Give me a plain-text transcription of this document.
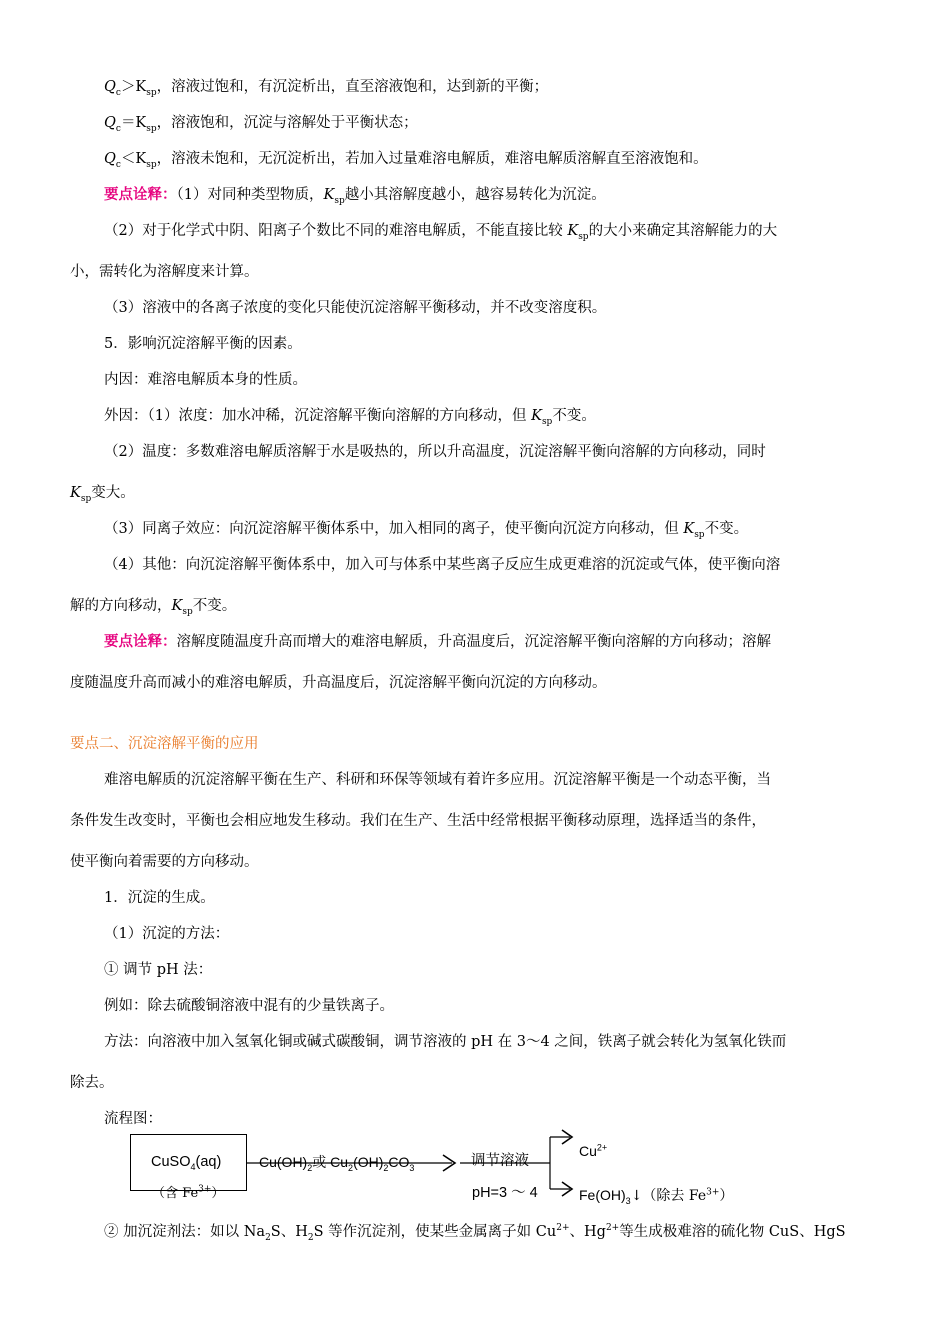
$Q_c>K_{sp}$，溶液过饱和，有沉淀析出，直至溶液饱和，达到新的平衡；
$Q_c=K_{sp}$，溶液饱和，沉淀与溶解处于平衡状态；
$Q_c<K_{sp}$，溶液未饱和，无沉淀析出，若加入过量难溶电解质，难溶电解质溶解直至溶液饱和。
要点诠释：（1）对同种类型物质，$K_{sp}$越小其溶解度越小，越容易转化为沉淀。
（2）对于化学式中阴、阳离子个数比不同的难溶电解质，不能直接比较 $K_{sp}$的大小来确定其溶解能力的大
小，需转化为溶解度来计算。
（3）溶液中的各离子浓度的变化只能使沉淀溶解平衡移动，并不改变溶度积。
5．影响沉淀溶解平衡的因素。
内因：难溶电解质本身的性质。
外因：（1）浓度：加水冲稀，沉淀溶解平衡向溶解的方向移动，但 $K_{sp}$不变。
（2）温度：多数难溶电解质溶解于水是吸热的，所以升高温度，沉淀溶解平衡向溶解的方向移动，同时
$K_{sp}$变大。
（3）同离子效应：向沉淀溶解平衡体系中，加入相同的离子，使平衡向沉淀方向移动，但 $K_{sp}$不变。
（4）其他：向沉淀溶解平衡体系中，加入可与体系中某些离子反应生成更难溶的沉淀或气体，使平衡向溶
解的方向移动，$K_{sp}$不变。
要点诠释：溶解度随温度升高而增大的难溶电解质，升高温度后，沉淀溶解平衡向溶解的方向移动；溶解
度随温度升高而减小的难溶电解质，升高温度后，沉淀溶解平衡向沉淀的方向移动。
要点二、沉淀溶解平衡的应用
难溶电解质的沉淀溶解平衡在生产、科研和环保等领域有着许多应用。沉淀溶解平衡是一个动态平衡，当
条件发生改变时，平衡也会相应地发生移动。我们在生产、生活中经常根据平衡移动原理，选择适当的条件，
使平衡向着需要的方向移动。
1．沉淀的生成。
（1）沉淀的方法：
① 调节 pH 法：
例如：除去硫酸铜溶液中混有的少量铁离子。
方法：向溶液中加入氢氧化铜或碱式碳酸铜，调节溶液的 pH 在 3～4 之间，铁离子就会转化为氢氧化铁而
除去。
流程图：
CuSO$_4$(aq)
（含 $Fe^{3+}$）
$Cu(OH)_2$或 $Cu_2(OH)_2CO_3$	调节溶液
pH=3 ～ 4
$Cu^{2+}$
$Fe(OH)_3↓$（除去 $Fe^{3+}$）
② 加沉淀剂法：如以 $Na_2S$、$H_2S$ 等作沉淀剂，使某些金属离子如 $Cu^{2+}$、$Hg^{2+}$等生成极难溶的硫化物 CuS、HgS
